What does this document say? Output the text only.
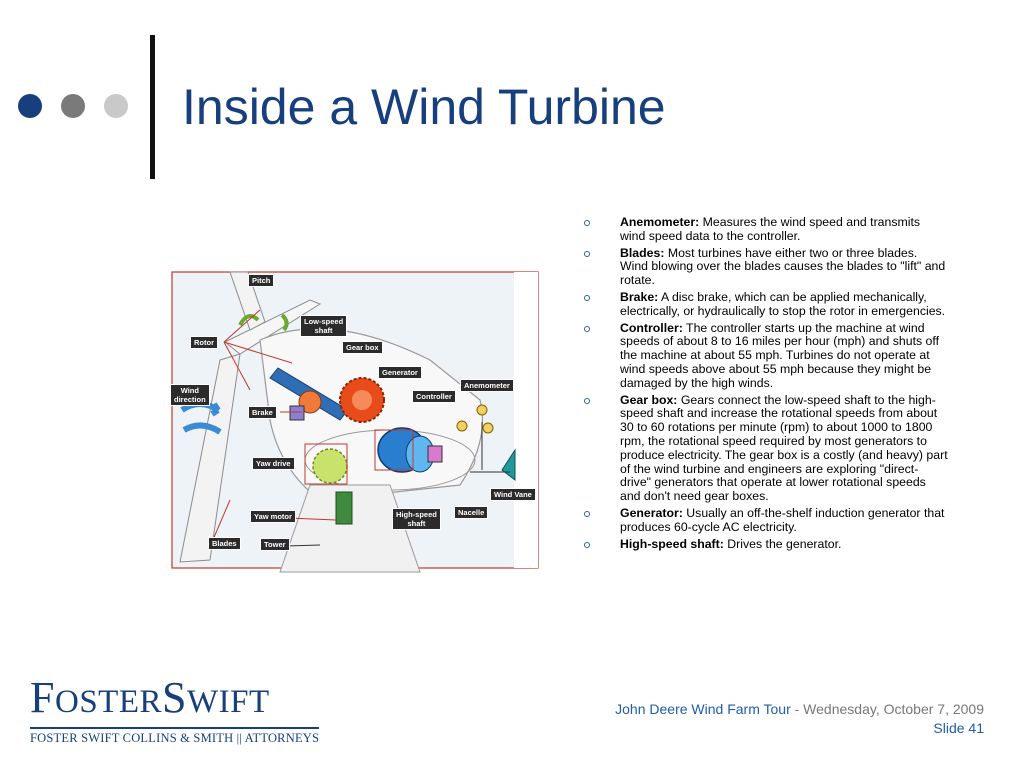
Inside a Wind Turbine
Pitch
Low-speed
shaft
Rotor
Gear box
Generator
Anemometer
Controller
Wind
direction
Brake
Yaw drive
Wind Vane
Yaw motor	High-speed
shaft
Nacelle
Blades	Tower
Anemometer: Measures the wind speed and transmits wind speed data to the controller.
Blades: Most turbines have either two or three blades. Wind blowing over the blades causes the blades to "lift" and rotate.
Brake: A disc brake, which can be applied mechanically, electrically, or hydraulically to stop the rotor in emergencies.
Controller: The controller starts up the machine at wind speeds of about 8 to 16 miles per hour (mph) and shuts off the machine at about 55 mph. Turbines do not operate at wind speeds above about 55 mph because they might be damaged by the high winds.
Gear box: Gears connect the low-speed shaft to the high-speed shaft and increase the rotational speeds from about 30 to 60 rotations per minute (rpm) to about 1000 to 1800 rpm, the rotational speed required by most generators to produce electricity. The gear box is a costly (and heavy) part of the wind turbine and engineers are exploring "direct-drive" generators that operate at lower rotational speeds and don't need gear boxes.
Generator: Usually an off-the-shelf induction generator that produces 60-cycle AC electricity.
High-speed shaft: Drives the generator.
FOSTERSWIFT
FOSTER SWIFT COLLINS & SMITH || ATTORNEYS
John Deere Wind Farm Tour - Wednesday, October 7, 2009
Slide 41
